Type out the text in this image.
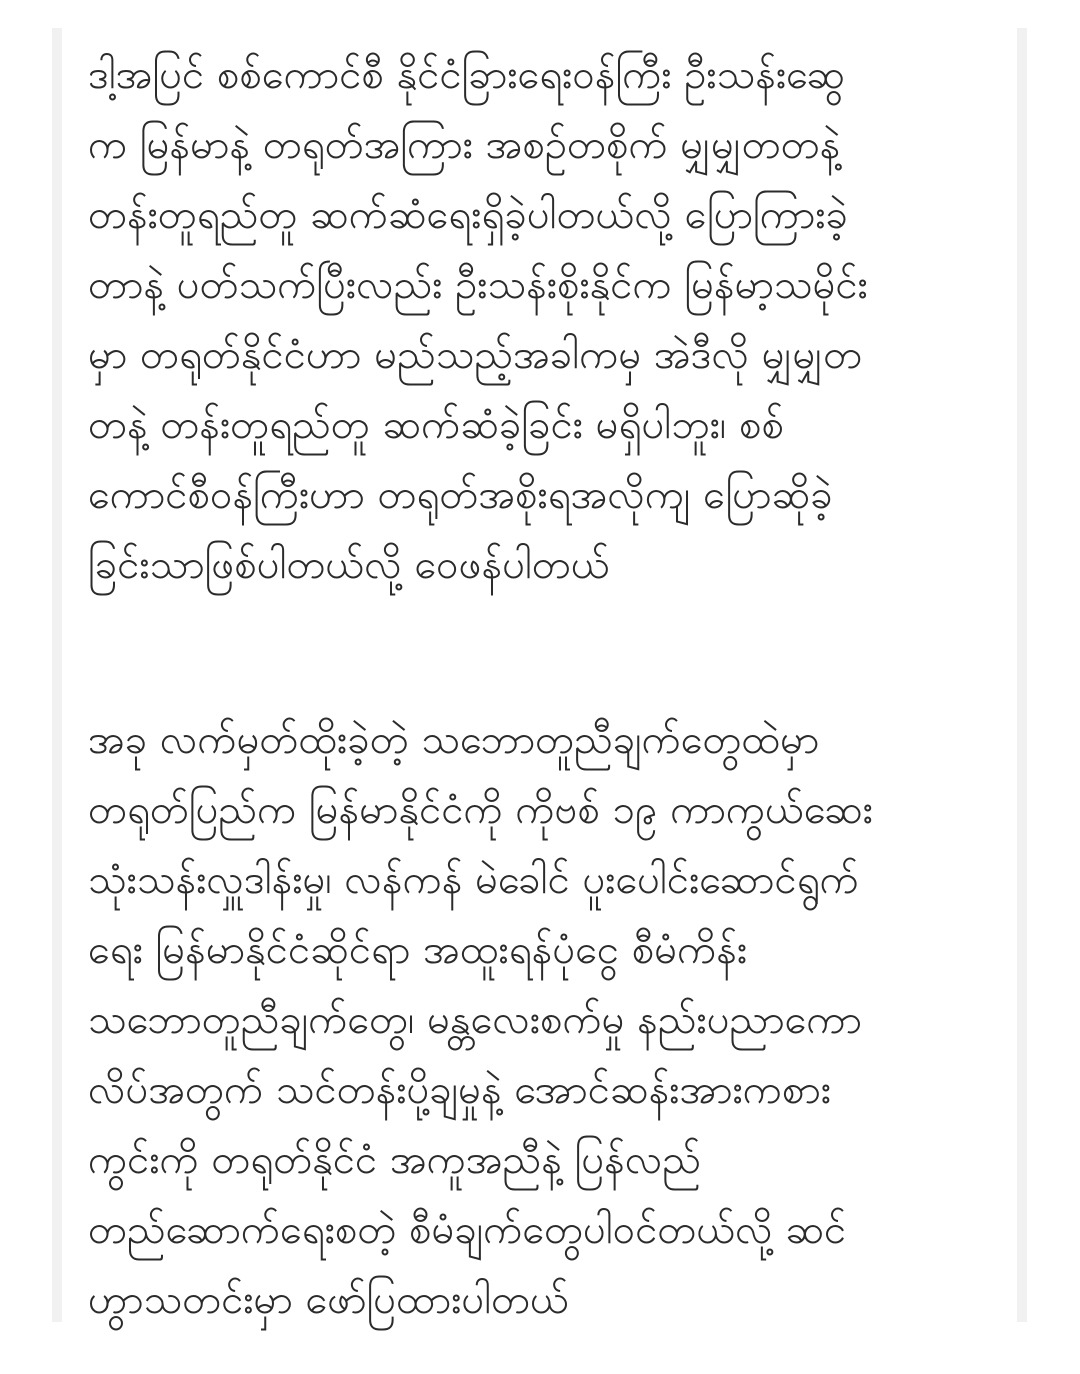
ဒါ့အပြင် စစ်ကောင်စီ နိုင်ငံခြားရေးဝန်ကြီး ဦးသန်းဆွေ
က မြန်မာနဲ့ တရုတ်အကြား အစဉ်တစိုက် မျှမျှတတနဲ့
တန်းတူရည်တူ ဆက်ဆံရေးရှိခဲ့ပါတယ်လို့ ပြောကြားခဲ့
တာနဲ့ ပတ်သက်ပြီးလည်း ဦးသန်းစိုးနိုင်က မြန်မာ့သမိုင်း
မှာ တရုတ်နိုင်ငံဟာ မည်သည့်အခါကမှ အဲဒီလို မျှမျှတ
တနဲ့ တန်းတူရည်တူ ဆက်ဆံခဲ့ခြင်း မရှိပါဘူး၊ စစ်
ကောင်စီဝန်ကြီးဟာ တရုတ်အစိုးရအလိုကျ ပြောဆိုခဲ့
ခြင်းသာဖြစ်ပါတယ်လို့ ဝေဖန်ပါတယ်
အခု လက်မှတ်ထိုးခဲ့တဲ့ သဘောတူညီချက်တွေထဲမှာ
တရုတ်ပြည်က မြန်မာနိုင်ငံကို ကိုဗစ် ၁၉ ကာကွယ်ဆေး
သုံးသန်းလှူဒါန်းမှု၊ လန်ကန် မဲခေါင် ပူးပေါင်းဆောင်ရွက်
ရေး မြန်မာနိုင်ငံဆိုင်ရာ အထူးရန်ပုံငွေ စီမံကိန်း
သဘောတူညီချက်တွေ၊ မန္တလေးစက်မှု နည်းပညာကော
လိပ်အတွက် သင်တန်းပို့ချမှုနဲ့ အောင်ဆန်းအားကစား
ကွင်းကို တရုတ်နိုင်ငံ အကူအညီနဲ့ ပြန်လည်
တည်ဆောက်ရေးစတဲ့ စီမံချက်တွေပါဝင်တယ်လို့ ဆင်
ဟွာသတင်းမှာ ဖော်ပြထားပါတယ်
